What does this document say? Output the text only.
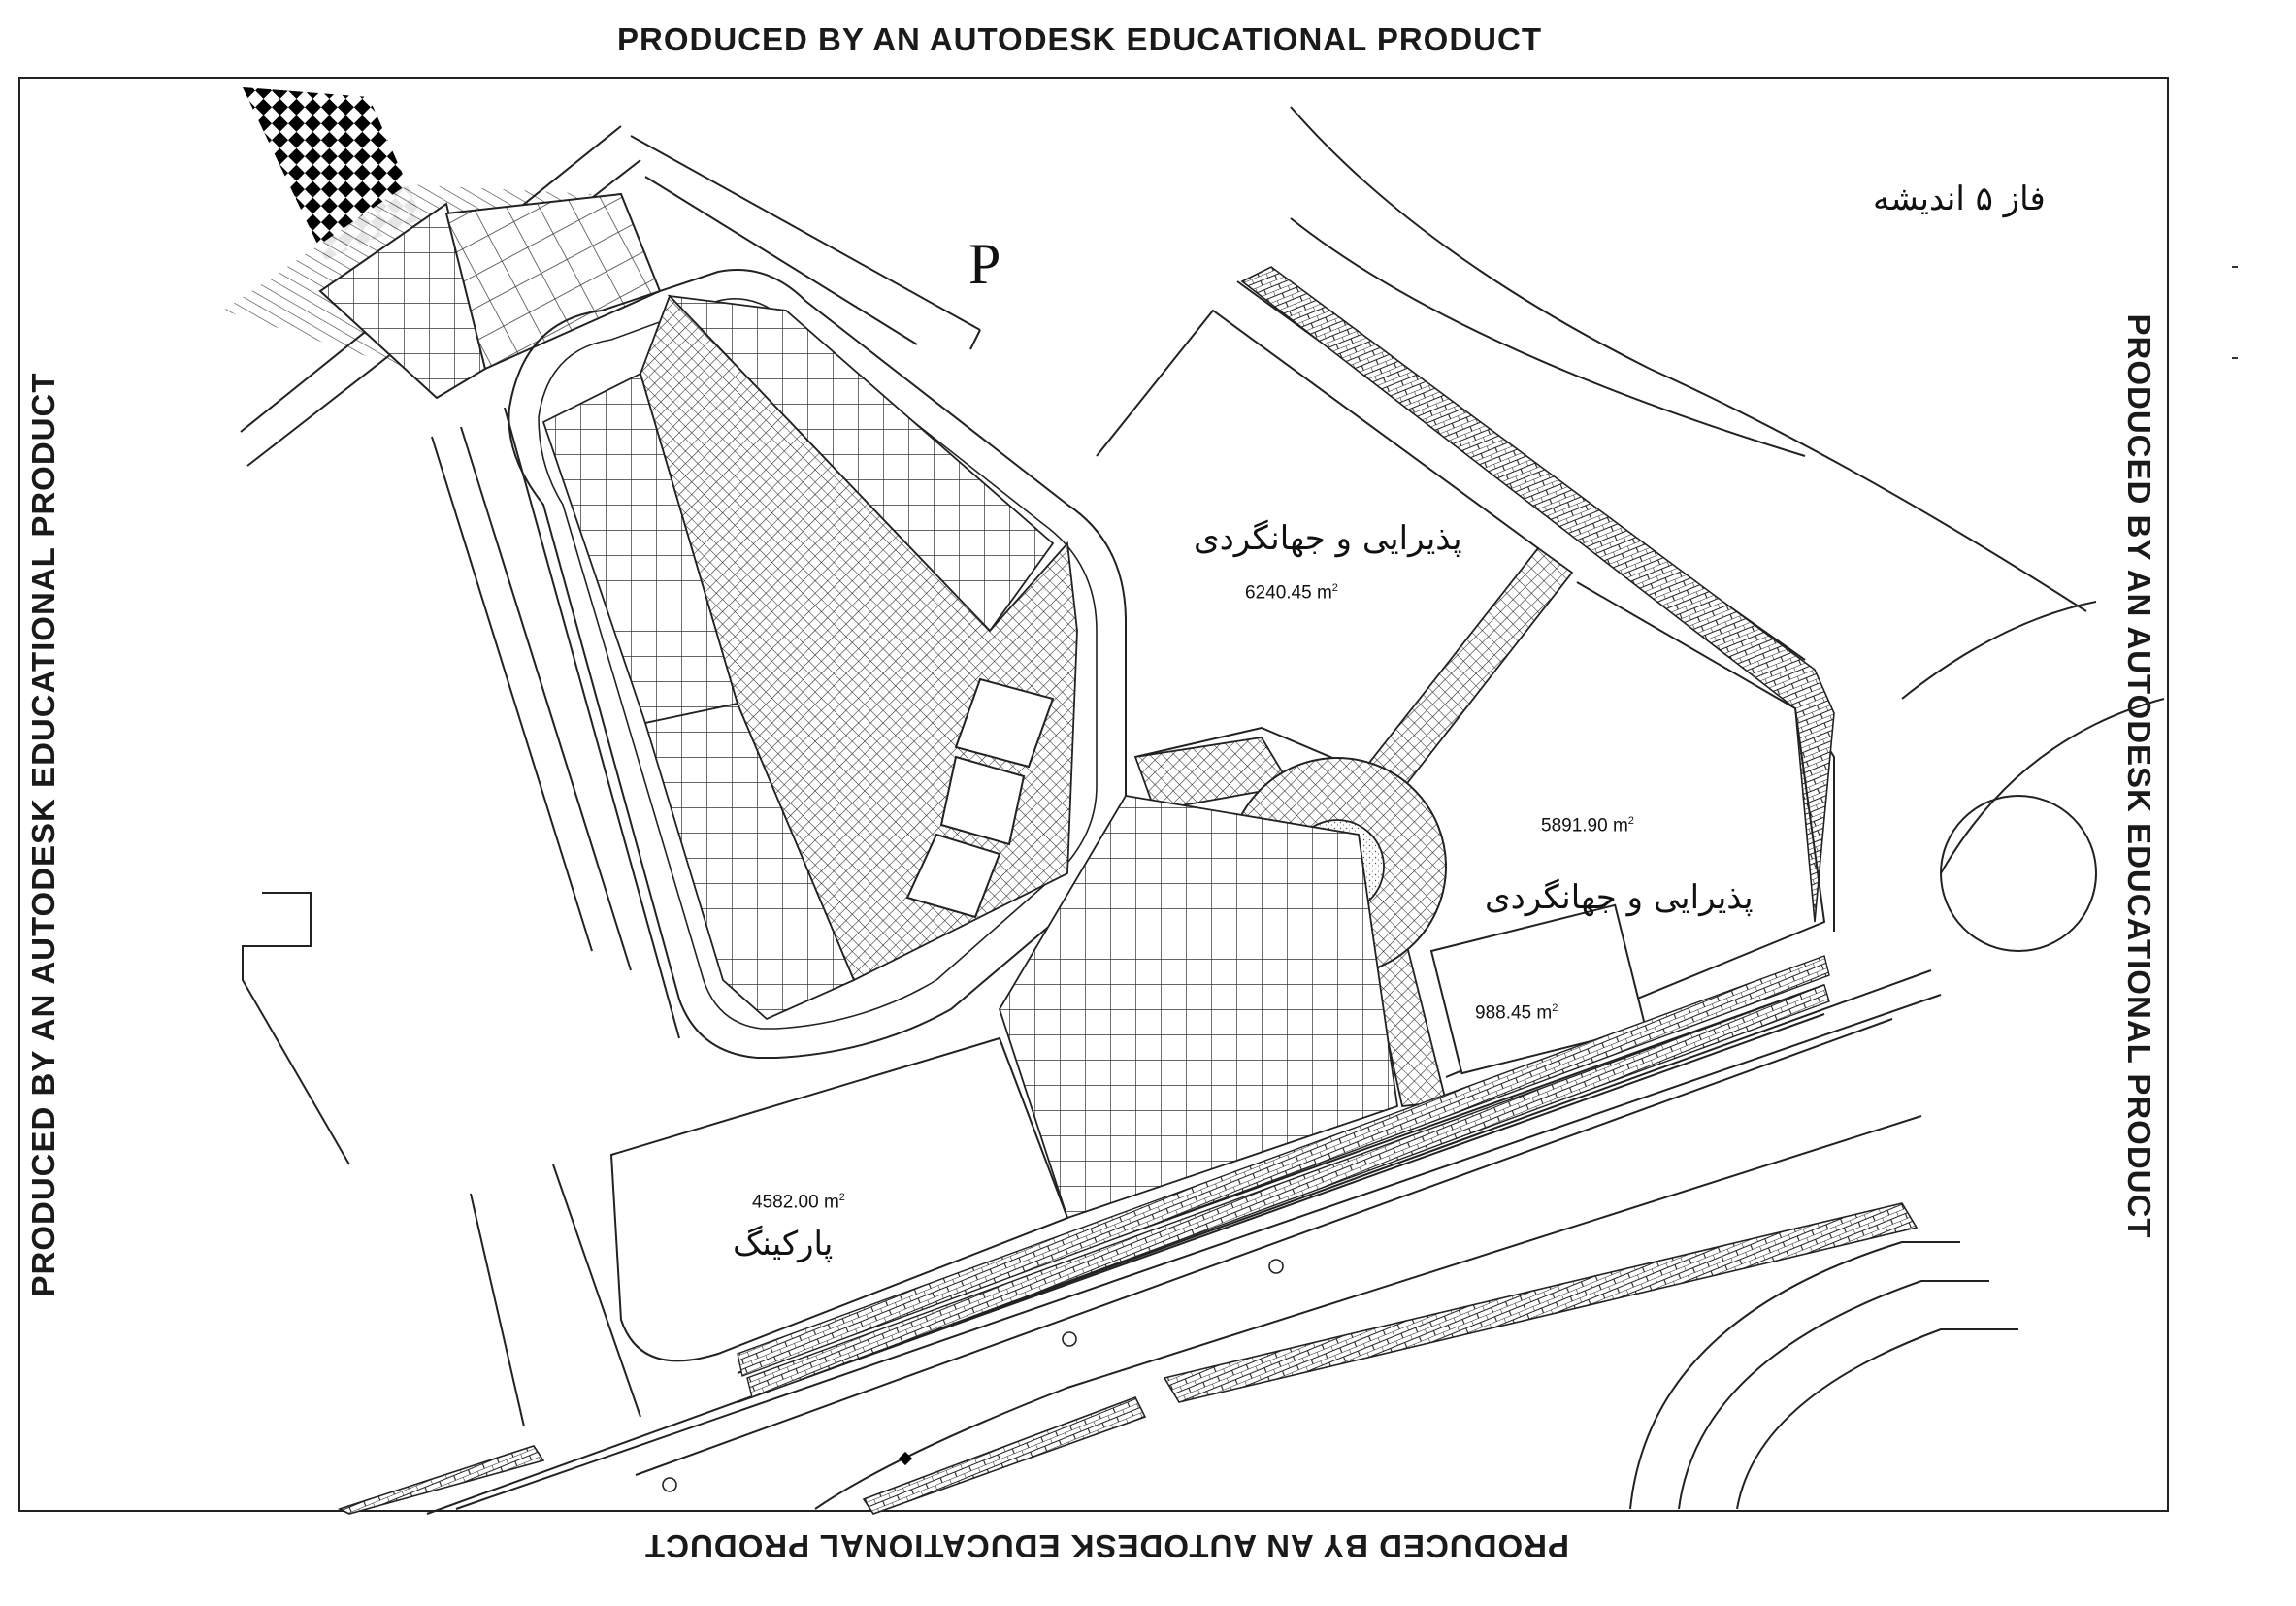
PRODUCED BY AN AUTODESK EDUCATIONAL PRODUCT
PRODUCED BY AN AUTODESK EDUCATIONAL PRODUCT
PRODUCED BY AN AUTODESK EDUCATIONAL PRODUCT	PRODUCED BY AN AUTODESK EDUCATIONAL PRODUCT
فاز ۵ اندیشه
P
پذیرایی و جهانگردی
6240.45 $m^2$
5891.90 $m^2$
پذیرایی و جهانگردی
988.45 $m^2$
4582.00 $m^2$
پارکینگ
